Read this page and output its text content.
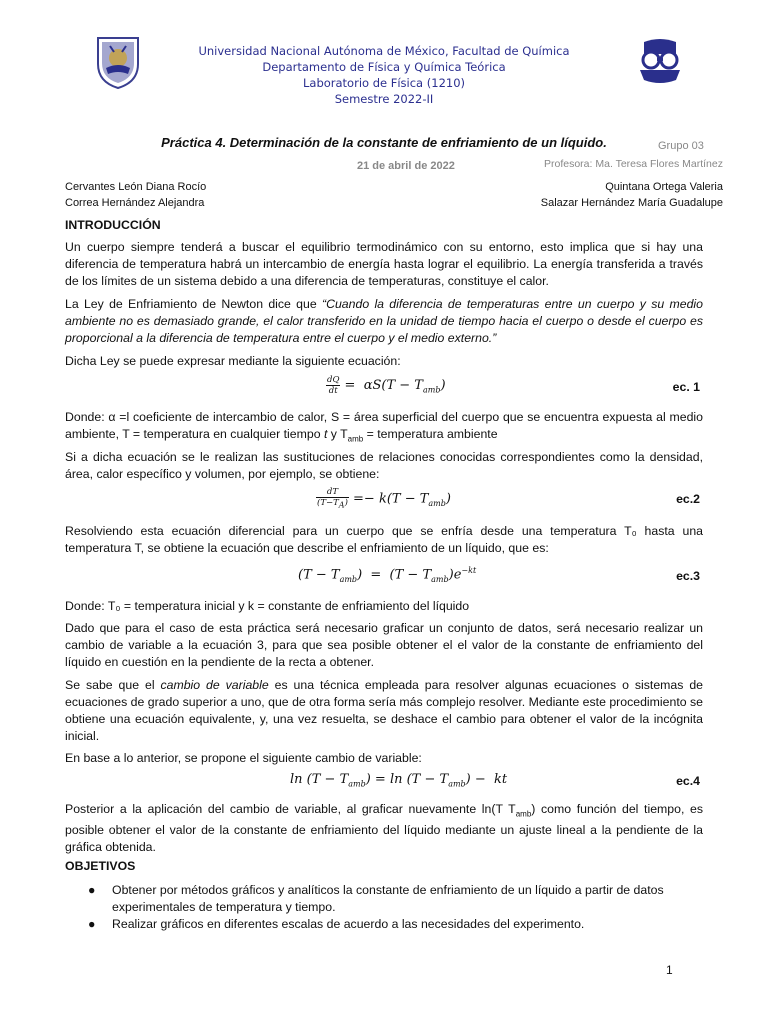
Universidad Nacional Autónoma de México, Facultad de Química
Departamento de Física y Química Teórica
Laboratorio de Física (1210)
Semestre 2022-II
Práctica 4. Determinación de la constante de enfriamiento de un líquido.	Grupo 03
21 de abril de 2022	Profesora: Ma. Teresa Flores Martínez
Cervantes León Diana Rocío
Correa Hernández Alejandra
Quintana Ortega Valeria
Salazar Hernández María Guadalupe
INTRODUCCIÓN
Un cuerpo siempre tenderá a buscar el equilibrio termodinámico con su entorno, esto implica que si hay una diferencia de temperatura habrá un intercambio de energía hasta lograr el equilibrio. La energía transferida a través de los límites de un sistema debido a una diferencia de temperaturas, constituye el calor.
La Ley de Enfriamiento de Newton dice que “Cuando la diferencia de temperaturas entre un cuerpo y su medio ambiente no es demasiado grande, el calor transferido en la unidad de tiempo hacia el cuerpo o desde el cuerpo es proporcional a la diferencia de temperatura entre el cuerpo y el medio externo.”
Dicha Ley se puede expresar mediante la siguiente ecuación:
$\frac{dQ}{dt} = \alpha S(T - T_{amb})$	ec. 1
Donde: α =l coeficiente de intercambio de calor, S = área superficial del cuerpo que se encuentra expuesta al medio ambiente, T = temperatura en cualquier tiempo t y $T_{amb}$ = temperatura ambiente
Si a dicha ecuación se le realizan las sustituciones de relaciones conocidas correspondientes como la densidad, área, calor específico y volumen, por ejemplo, se obtiene:
$\frac{dT}{(T-T_A)} =- k(T - T_{amb})$	ec.2
Resolviendo esta ecuación diferencial para un cuerpo que se enfría desde una temperatura T₀ hasta una temperatura T, se obtiene la ecuación que describe el enfriamiento de un líquido, que es:
$(T - T_{amb}) = (T - T_{amb})e^{-kt}$	ec.3
Donde: T₀ = temperatura inicial y k = constante de enfriamiento del líquido
Dado que para el caso de esta práctica será necesario graficar un conjunto de datos, será necesario realizar un cambio de variable a la ecuación 3, para que sea posible obtener el el valor de la constante de enfriamiento del líquido en cuestión en la pendiente de la recta a obtener.
Se sabe que el cambio de variable es una técnica empleada para resolver algunas ecuaciones o sistemas de ecuaciones de grado superior a uno, que de otra forma sería más complejo resolver. Mediante este procedimiento se obtiene una ecuación equivalente, y, una vez resuelta, se deshace el cambio para obtener el valor de la incógnita inicial.
En base a lo anterior, se propone el siguiente cambio de variable:
$\ln (T - T_{amb}) = \ln (T - T_{amb})$ −  kt	ec.4
Posterior a la aplicación del cambio de variable, al graficar nuevamente ln(T $T_{amb}$) como función del tiempo, es posible obtener el valor de la constante de enfriamiento del líquido mediante un ajuste lineal a la pendiente de la gráfica obtenida.
OBJETIVOS
● Obtener por métodos gráficos y analíticos la constante de enfriamiento de un líquido a partir de datos experimentales de temperatura y tiempo.
● Realizar gráficos en diferentes escalas de acuerdo a las necesidades del experimento.
1
